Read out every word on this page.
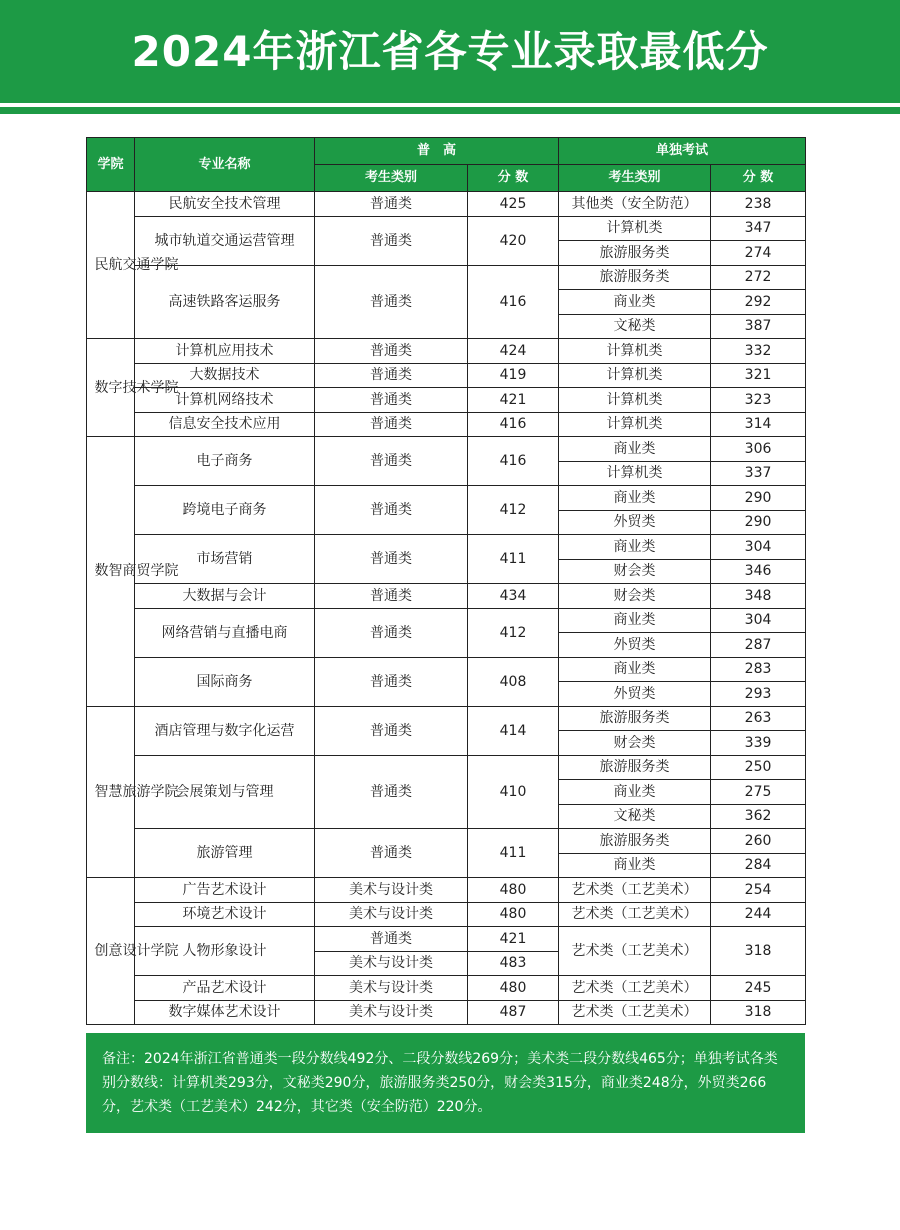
2024年浙江省各专业录取最低分
学院	专业名称	普　高		单独考试	
		考生类别	分 数	考生类别	分 数
民航交通学院	民航安全技术管理	普通类	425	其他类（安全防范）	238
	城市轨道交通运营管理	普通类	420	计算机类	347
				旅游服务类	274
	高速铁路客运服务	普通类	416	旅游服务类	272
				商业类	292
				文秘类	387
数字技术学院	计算机应用技术	普通类	424	计算机类	332
	大数据技术	普通类	419	计算机类	321
	计算机网络技术	普通类	421	计算机类	323
	信息安全技术应用	普通类	416	计算机类	314
数智商贸学院	电子商务	普通类	416	商业类	306
				计算机类	337
	跨境电子商务	普通类	412	商业类	290
				外贸类	290
	市场营销	普通类	411	商业类	304
				财会类	346
	大数据与会计	普通类	434	财会类	348
	网络营销与直播电商	普通类	412	商业类	304
				外贸类	287
	国际商务	普通类	408	商业类	283
				外贸类	293
智慧旅游学院	酒店管理与数字化运营	普通类	414	旅游服务类	263
				财会类	339
	会展策划与管理	普通类	410	旅游服务类	250
				商业类	275
				文秘类	362
	旅游管理	普通类	411	旅游服务类	260
				商业类	284
创意设计学院	广告艺术设计	美术与设计类	480	艺术类（工艺美术）	254
	环境艺术设计	美术与设计类	480	艺术类（工艺美术）	244
	人物形象设计	普通类	421	艺术类（工艺美术）	318
		美术与设计类	483		
	产品艺术设计	美术与设计类	480	艺术类（工艺美术）	245
	数字媒体艺术设计	美术与设计类	487	艺术类（工艺美术）	318
备注：2024年浙江省普通类一段分数线492分、二段分数线269分；美术类二段分数线465分；单独考试各类别分数线：计算机类293分，文秘类290分，旅游服务类250分，财会类315分，商业类248分，外贸类266分，艺术类（工艺美术）242分，其它类（安全防范）220分。
